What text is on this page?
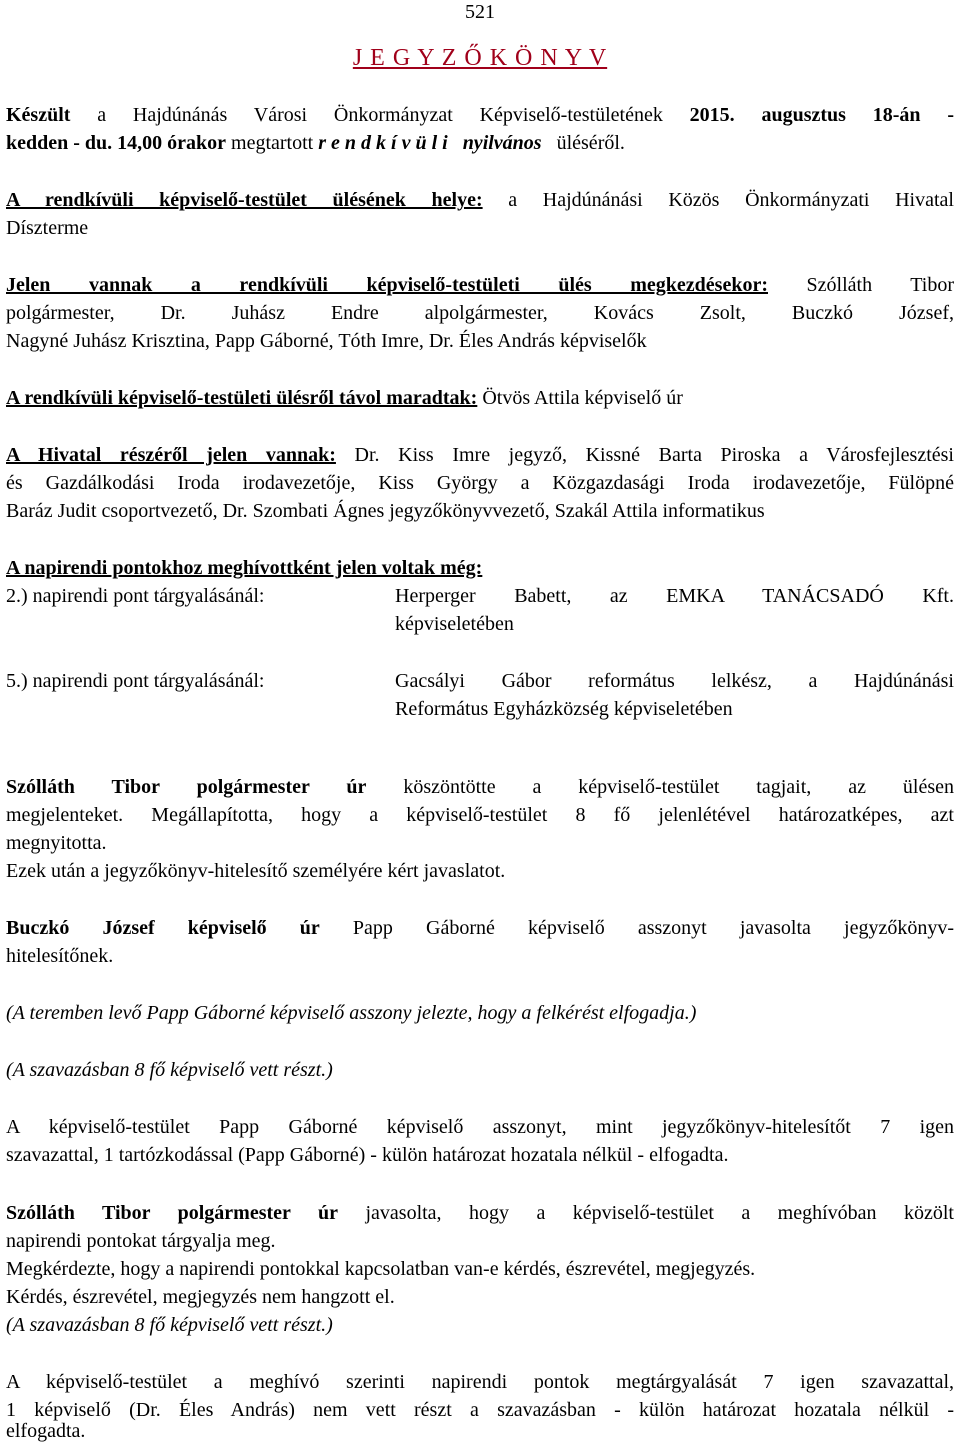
521
J E G Y Z Ő K Ö N Y V
Készült a Hajdúnánás Városi Önkormányzat Képviselő-testületének 2015. augusztus 18-án -
kedden - du. 14,00 órakor megtartott r e n d k í v ü l i nyilvános üléséről.
A rendkívüli képviselő-testület ülésének helye: a Hajdúnánási Közös Önkormányzati Hivatal
Díszterme
Jelen vannak a rendkívüli képviselő-testületi ülés megkezdésekor: Szólláth Tibor
polgármester, Dr. Juhász Endre alpolgármester, Kovács Zsolt, Buczkó József,
Nagyné Juhász Krisztina, Papp Gáborné, Tóth Imre, Dr. Éles András képviselők
A rendkívüli képviselő-testületi ülésről távol maradtak: Ötvös Attila képviselő úr
A Hivatal részéről jelen vannak: Dr. Kiss Imre jegyző, Kissné Barta Piroska a Városfejlesztési
és Gazdálkodási Iroda irodavezetője, Kiss György a Közgazdasági Iroda irodavezetője, Fülöpné
Baráz Judit csoportvezető, Dr. Szombati Ágnes jegyzőkönyvvezető, Szakál Attila informatikus
A napirendi pontokhoz meghívottként jelen voltak még:
2.) napirendi pont tárgyalásánál:	Herperger Babett, az EMKA TANÁCSADÓ Kft.
képviseletében
5.) napirendi pont tárgyalásánál:	Gacsályi Gábor református lelkész, a Hajdúnánási
Református Egyházközség képviseletében
Szólláth Tibor polgármester úr köszöntötte a képviselő-testület tagjait, az ülésen
megjelenteket. Megállapította, hogy a képviselő-testület 8 fő jelenlétével határozatképes, azt
megnyitotta.
Ezek után a jegyzőkönyv-hitelesítő személyére kért javaslatot.
Buczkó József képviselő úr Papp Gáborné képviselő asszonyt javasolta jegyzőkönyv-
hitelesítőnek.
(A teremben levő Papp Gáborné képviselő asszony jelezte, hogy a felkérést elfogadja.)
(A szavazásban 8 fő képviselő vett részt.)
A képviselő-testület Papp Gáborné képviselő asszonyt, mint jegyzőkönyv-hitelesítőt 7 igen
szavazattal, 1 tartózkodással (Papp Gáborné) - külön határozat hozatala nélkül - elfogadta.
Szólláth Tibor polgármester úr javasolta, hogy a képviselő-testület a meghívóban közölt
napirendi pontokat tárgyalja meg.
Megkérdezte, hogy a napirendi pontokkal kapcsolatban van-e kérdés, észrevétel, megjegyzés.
Kérdés, észrevétel, megjegyzés nem hangzott el.
(A szavazásban 8 fő képviselő vett részt.)
A képviselő-testület a meghívó szerinti napirendi pontok megtárgyalását 7 igen szavazattal,
1 képviselő (Dr. Éles András) nem vett részt a szavazásban - külön határozat hozatala nélkül -
elfogadta.
